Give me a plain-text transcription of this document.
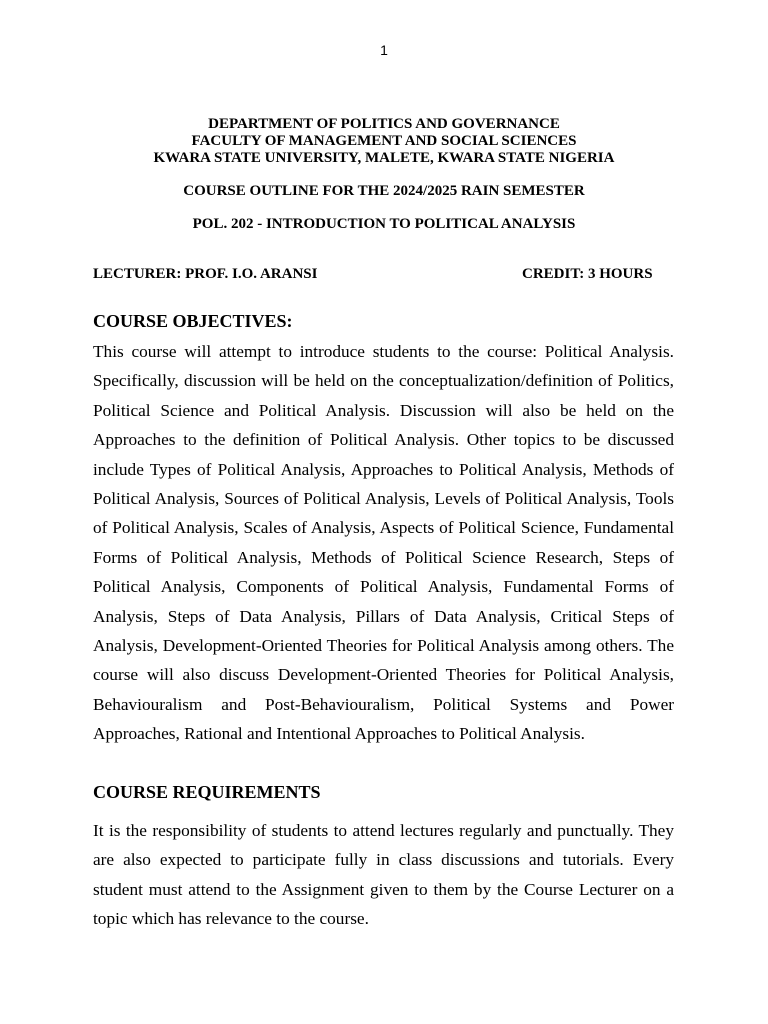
1
DEPARTMENT OF POLITICS AND GOVERNANCE
FACULTY OF MANAGEMENT AND SOCIAL SCIENCES
KWARA STATE UNIVERSITY, MALETE, KWARA STATE NIGERIA
COURSE OUTLINE FOR THE 2024/2025 RAIN SEMESTER
POL. 202 - INTRODUCTION TO POLITICAL ANALYSIS
LECTURER: PROF. I.O. ARANSI	CREDIT: 3 HOURS
COURSE OBJECTIVES:

This course will attempt to introduce students to the course: Political Analysis. Specifically, discussion will be held on the conceptualization/definition of Politics, Political Science and Political Analysis. Discussion will also be held on the Approaches to the definition of Political Analysis. Other topics to be discussed include Types of Political Analysis, Approaches to Political Analysis, Methods of Political Analysis, Sources of Political Analysis, Levels of Political Analysis, Tools of Political Analysis, Scales of Analysis, Aspects of Political Science, Fundamental Forms of Political Analysis, Methods of Political Science Research, Steps of Political Analysis, Components of Political Analysis, Fundamental Forms of Analysis, Steps of Data Analysis, Pillars of Data Analysis, Critical Steps of Analysis, Development-Oriented Theories for Political Analysis among others. The course will also discuss Development-Oriented Theories for Political Analysis, Behaviouralism and Post-Behaviouralism, Political Systems and Power Approaches, Rational and Intentional Approaches to Political Analysis.

COURSE REQUIREMENTS

It is the responsibility of students to attend lectures regularly and punctually. They are also expected to participate fully in class discussions and tutorials. Every student must attend to the Assignment given to them by the Course Lecturer on a topic which has relevance to the course.
